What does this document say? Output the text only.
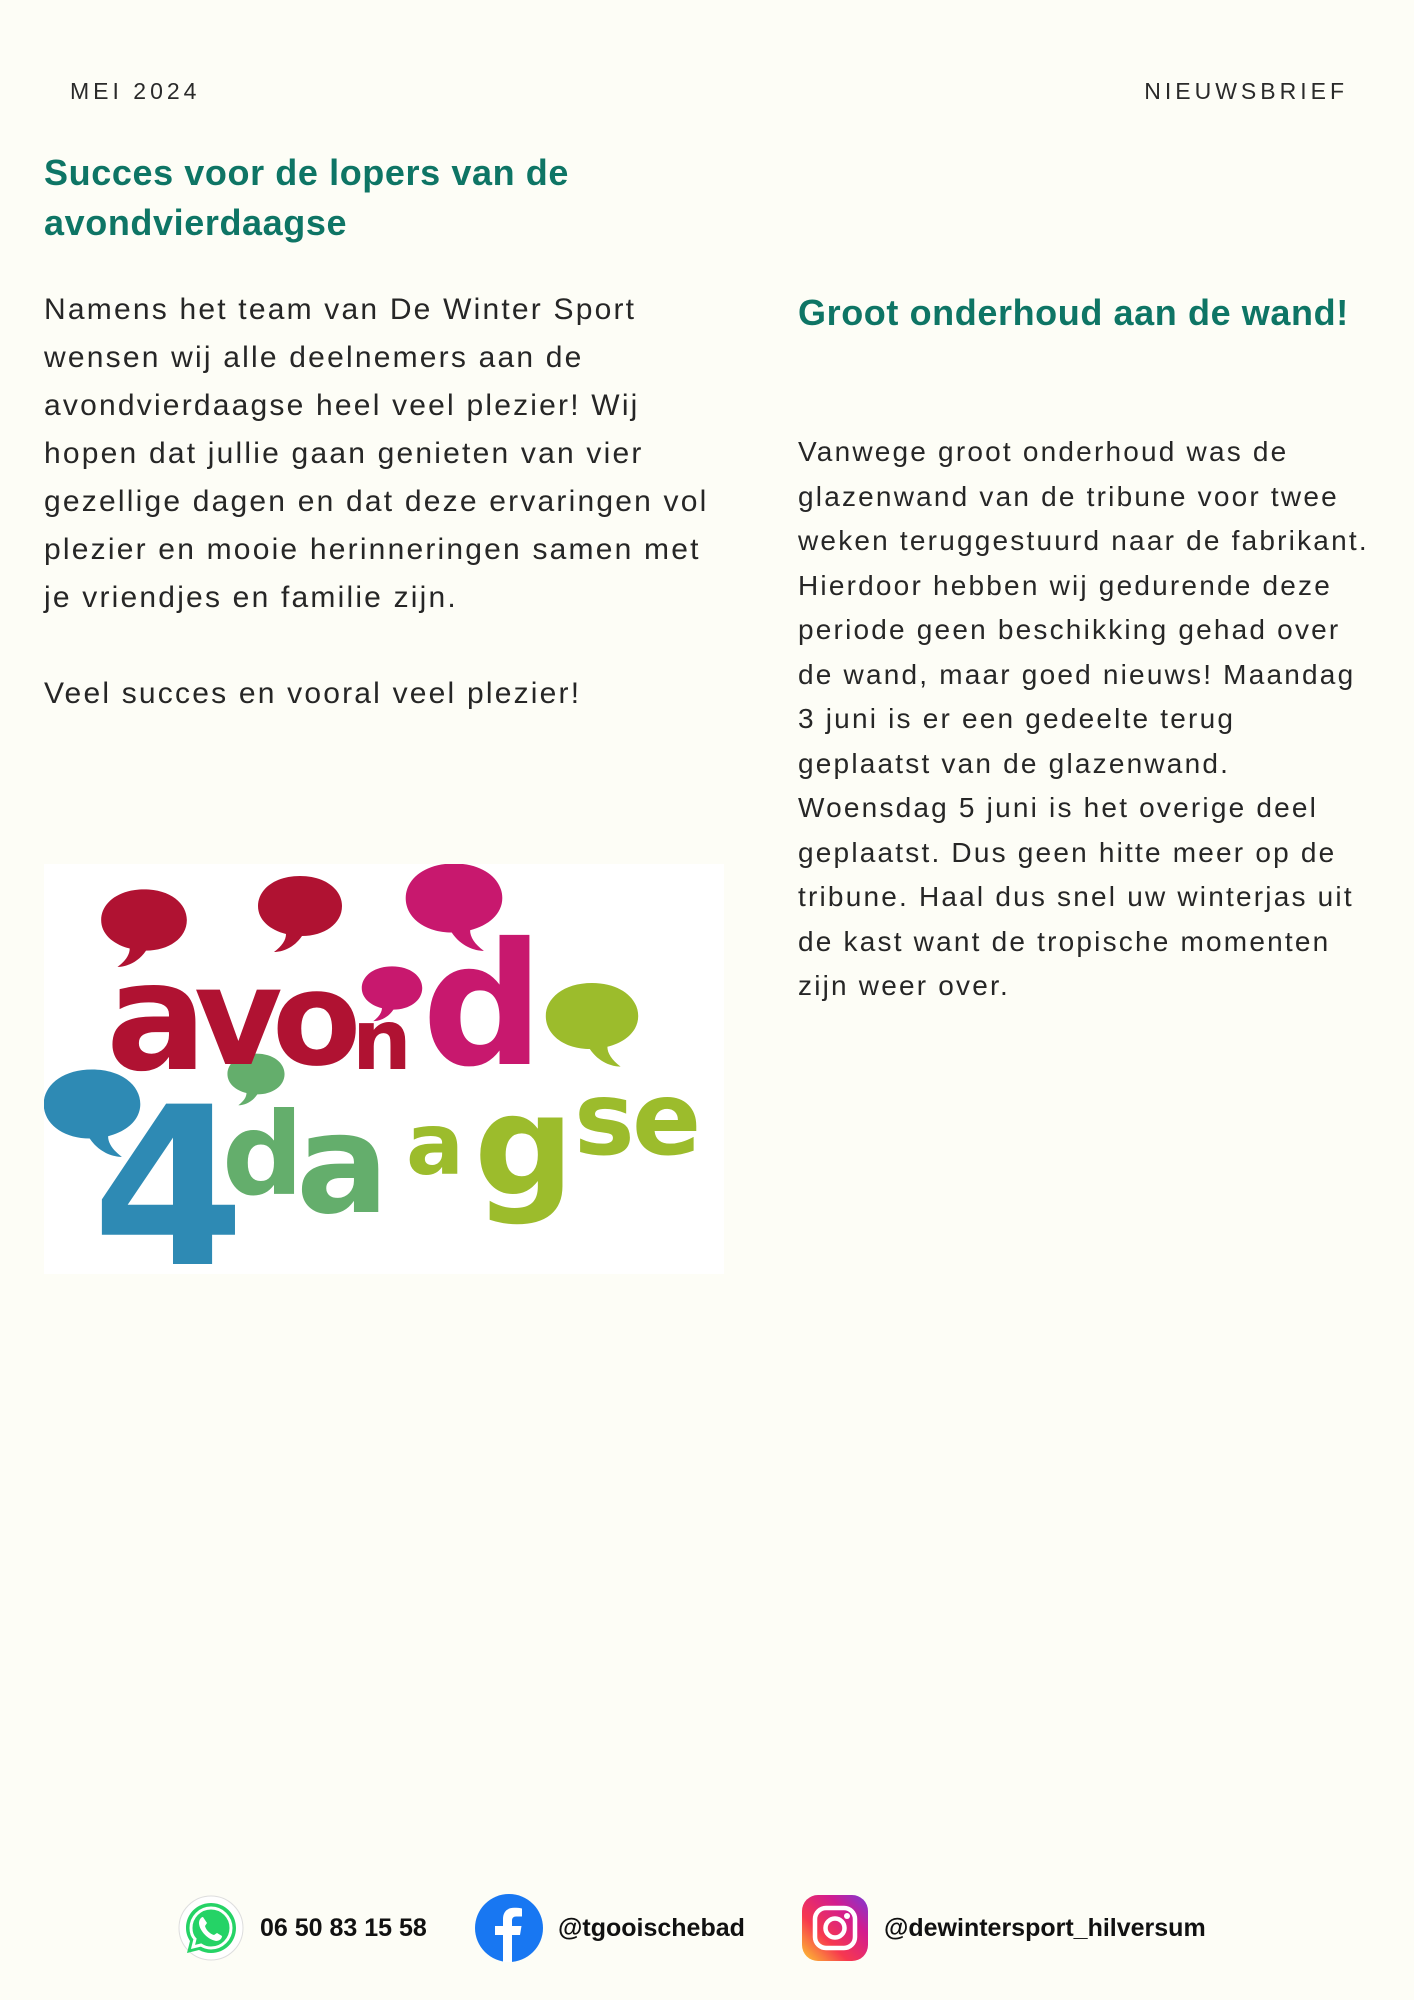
MEI 2024	NIEUWSBRIEF
Succes voor de lopers van de avondvierdaagse

Namens het team van De Winter Sport wensen wij alle deelnemers aan de avondvierdaagse heel veel plezier! Wij hopen dat jullie gaan genieten van vier gezellige dagen en dat deze ervaringen vol plezier en mooie herinneringen samen met je vriendjes en familie zijn.

Veel succes en vooral veel plezier!

a
v
o
n d
4
d
a a g s
e
Groot onderhoud aan de wand!

Vanwege groot onderhoud was de glazenwand van de tribune voor twee weken teruggestuurd naar de fabrikant. Hierdoor hebben wij gedurende deze periode geen beschikking gehad over de wand, maar goed nieuws! Maandag 3 juni is er een gedeelte terug geplaatst van de glazenwand. Woensdag 5 juni is het overige deel geplaatst. Dus geen hitte meer op de tribune. Haal dus snel uw winterjas uit de kast want de tropische momenten zijn weer over.

06 50 83 15 58	@tgooischebad	@dewintersport_hilversum
